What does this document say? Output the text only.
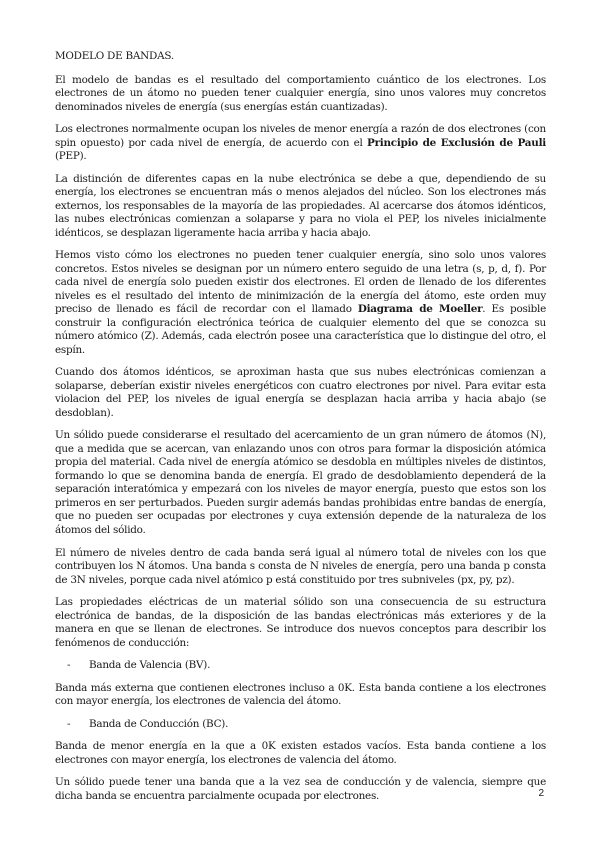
MODELO DE BANDAS.

El modelo de bandas es el resultado del comportamiento cuántico de los electrones. Los electrones de un átomo no pueden tener cualquier energía, sino unos valores muy concretos denominados niveles de energía (sus energías están cuantizadas).

Los electrones normalmente ocupan los niveles de menor energía a razón de dos electrones (con spin opuesto) por cada nivel de energía, de acuerdo con el Principio de Exclusión de Pauli (PEP).

La distinción de diferentes capas en la nube electrónica se debe a que, dependiendo de su energía, los electrones se encuentran más o menos alejados del núcleo. Son los electrones más externos, los responsables de la mayoría de las propiedades. Al acercarse dos átomos idénticos, las nubes electrónicas comienzan a solaparse y para no viola el PEP, los niveles inicialmente idénticos, se desplazan ligeramente hacia arriba y hacia abajo.

Hemos visto cómo los electrones no pueden tener cualquier energía, sino solo unos valores concretos. Estos niveles se designan por un número entero seguido de una letra (s, p, d, f). Por cada nivel de energía solo pueden existir dos electrones. El orden de llenado de los diferentes niveles es el resultado del intento de minimización de la energía del átomo, este orden muy preciso de llenado es fácil de recordar con el llamado Diagrama de Moeller. Es posible construir la configuración electrónica teórica de cualquier elemento del que se conozca su número atómico (Z). Además, cada electrón posee una característica que lo distingue del otro, el espín.

Cuando dos átomos idénticos, se aproximan hasta que sus nubes electrónicas comienzan a solaparse, deberían existir niveles energéticos con cuatro electrones por nivel. Para evitar esta violacion del PEP, los niveles de igual energía se desplazan hacia arriba y hacia abajo (se desdoblan).

Un sólido puede considerarse el resultado del acercamiento de un gran número de átomos (N), que a medida que se acercan, van enlazando unos con otros para formar la disposición atómica propia del material. Cada nivel de energía atómico se desdobla en múltiples niveles de distintos, formando lo que se denomina banda de energía. El grado de desdoblamiento dependerá de la separación interatómica y empezará con los niveles de mayor energía, puesto que estos son los primeros en ser perturbados. Pueden surgir además bandas prohibidas entre bandas de energía, que no pueden ser ocupadas por electrones y cuya extensión depende de la naturaleza de los átomos del sólido.

El número de niveles dentro de cada banda será igual al número total de niveles con los que contribuyen los N átomos. Una banda s consta de N niveles de energía, pero una banda p consta de 3N niveles, porque cada nivel atómico p está constituido por tres subniveles (px, py, pz).

Las propiedades eléctricas de un material sólido son una consecuencia de su estructura electrónica de bandas, de la disposición de las bandas electrónicas más exteriores y de la manera en que se llenan de electrones. Se introduce dos nuevos conceptos para describir los fenómenos de conducción:

- Banda de Valencia (BV).

Banda más externa que contienen electrones incluso a 0K. Esta banda contiene a los electrones con mayor energía, los electrones de valencia del átomo.

- Banda de Conducción (BC).

Banda de menor energía en la que a 0K existen estados vacíos. Esta banda contiene a los electrones con mayor energía, los electrones de valencia del átomo.

Un sólido puede tener una banda que a la vez sea de conducción y de valencia, siempre que dicha banda se encuentra parcialmente ocupada por electrones.	2
